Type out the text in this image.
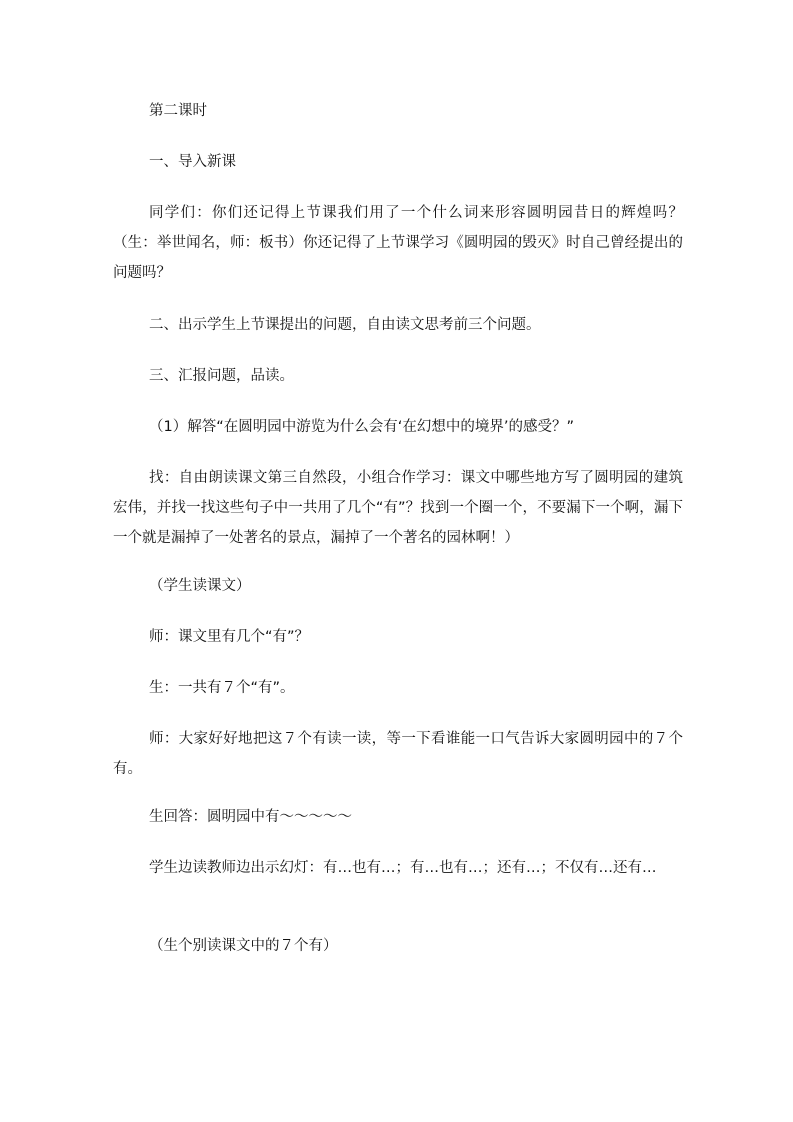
第二课时
一、导入新课
同学们：你们还记得上节课我们用了一个什么词来形容圆明园昔日的辉煌吗？（生：举世闻名，师：板书）你还记得了上节课学习《圆明园的毁灭》时自己曾经提出的问题吗？
二、出示学生上节课提出的问题，自由读文思考前三个问题。
三、汇报问题，品读。
（1）解答“在圆明园中游览为什么会有‘在幻想中的境界’的感受？”
找：自由朗读课文第三自然段，小组合作学习：课文中哪些地方写了圆明园的建筑宏伟，并找一找这些句子中一共用了几个“有”？找到一个圈一个，不要漏下一个啊，漏下一个就是漏掉了一处著名的景点，漏掉了一个著名的园林啊！）
（学生读课文）
师：课文里有几个“有”？
生：一共有７个“有”。
师：大家好好地把这７个有读一读，等一下看谁能一口气告诉大家圆明园中的７个有。
生回答：圆明园中有～～～～～
学生边读教师边出示幻灯：有…也有…；有…也有…；还有…；不仅有…还有…
（生个别读课文中的７个有）
